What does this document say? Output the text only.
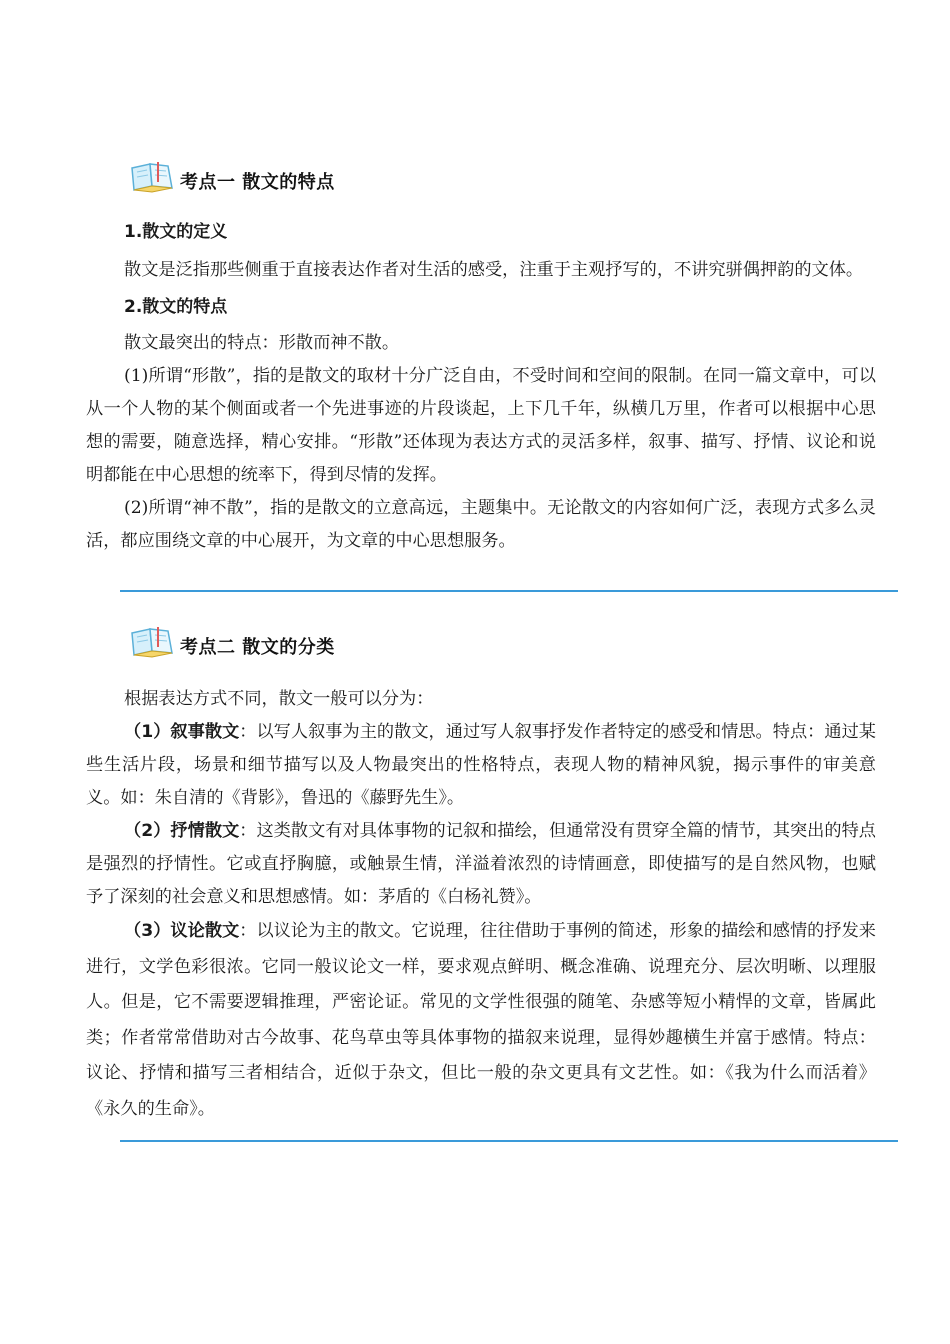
考点一 散文的特点
1.散文的定义

散文是泛指那些侧重于直接表达作者对生活的感受，注重于主观抒写的，不讲究骈偶押韵的文体。

2.散文的特点

散文最突出的特点：形散而神不散。

(1)所谓“形散”，指的是散文的取材十分广泛自由，不受时间和空间的限制。在同一篇文章中，可以从一个人物的某个侧面或者一个先进事迹的片段谈起，上下几千年，纵横几万里，作者可以根据中心思想的需要，随意选择，精心安排。“形散”还体现为表达方式的灵活多样，叙事、描写、抒情、议论和说明都能在中心思想的统率下，得到尽情的发挥。

(2)所谓“神不散”，指的是散文的立意高远，主题集中。无论散文的内容如何广泛，表现方式多么灵活，都应围绕文章的中心展开，为文章的中心思想服务。

考点二 散文的分类

根据表达方式不同，散文一般可以分为：

（1）叙事散文：以写人叙事为主的散文，通过写人叙事抒发作者特定的感受和情思。特点：通过某些生活片段，场景和细节描写以及人物最突出的性格特点，表现人物的精神风貌，揭示事件的审美意义。如：朱自清的《背影》，鲁迅的《藤野先生》。

（2）抒情散文：这类散文有对具体事物的记叙和描绘，但通常没有贯穿全篇的情节，其突出的特点是强烈的抒情性。它或直抒胸臆，或触景生情，洋溢着浓烈的诗情画意，即使描写的是自然风物，也赋予了深刻的社会意义和思想感情。如：茅盾的《白杨礼赞》。

（3）议论散文：以议论为主的散文。它说理，往往借助于事例的简述，形象的描绘和感情的抒发来进行，文学色彩很浓。它同一般议论文一样，要求观点鲜明、概念准确、说理充分、层次明晰、以理服人。但是，它不需要逻辑推理，严密论证。常见的文学性很强的随笔、杂感等短小精悍的文章，皆属此类；作者常常借助对古今故事、花鸟草虫等具体事物的描叙来说理，显得妙趣横生并富于感情。特点：议论、抒情和描写三者相结合，近似于杂文，但比一般的杂文更具有文艺性。如：《我为什么而活着》《永久的生命》。
